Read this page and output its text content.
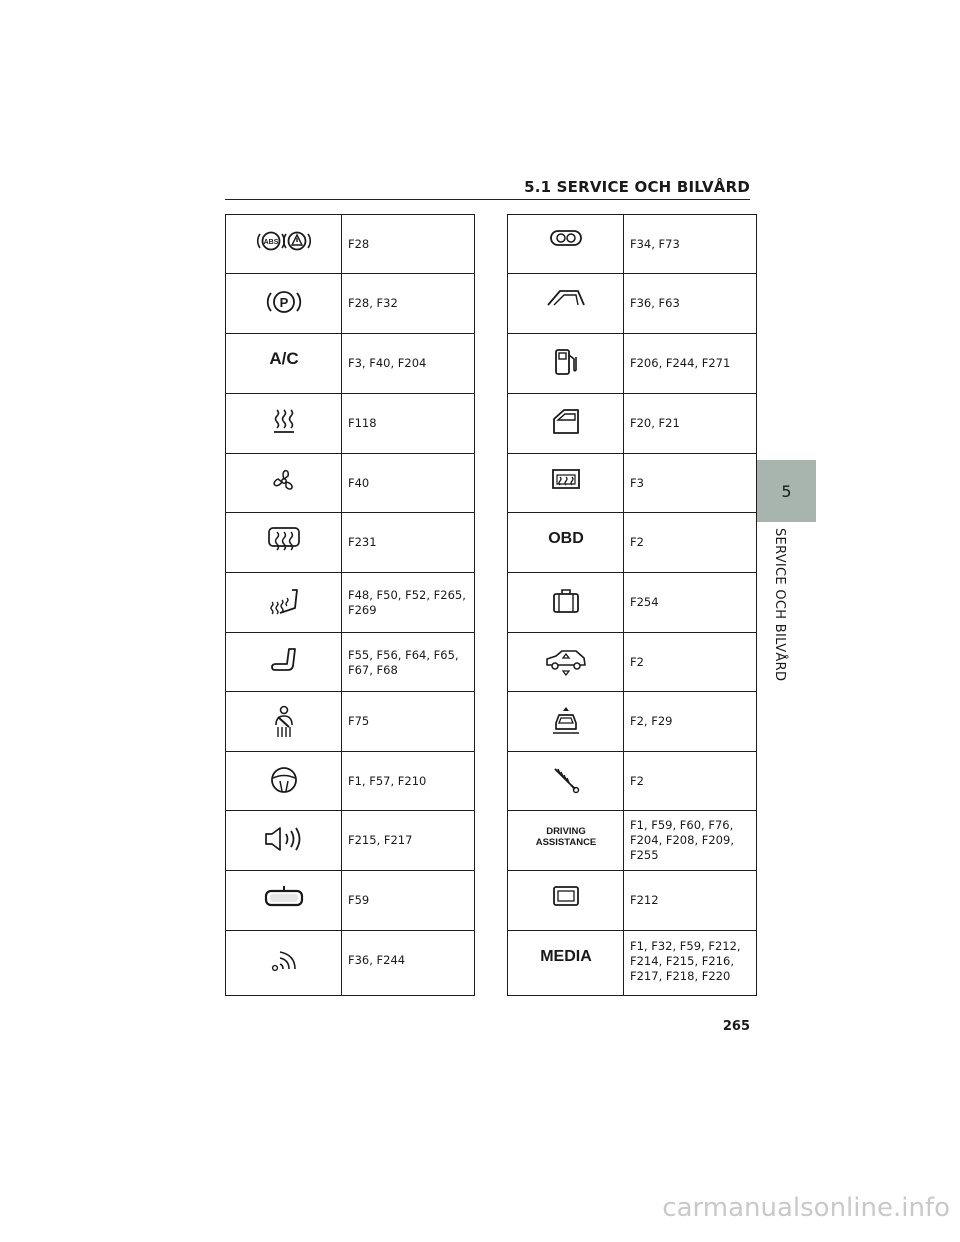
5.1 SERVICE OCH BILVÅRD
5
SERVICE OCH BILVÅRD
ABS	F28

P	F28, F32

A/C	F3, F40, F204

F118

F40

F231

F48, F50, F52, F265, F269

F55, F56, F64, F65, F67, F68

F75

F1, F57, F210

F215, F217

F59

F36, F244

F34, F73

F36, F63

F206, F244, F271

F20, F21

F3

OBD	F2

F254

F2

F2, F29

F2

DRIVING
ASSISTANCE	F1, F59, F60, F76, F204, F208, F209, F255

F212

MEDIA	F1, F32, F59, F212, F214, F215, F216, F217, F218, F220
265
carmanualsonline.info
